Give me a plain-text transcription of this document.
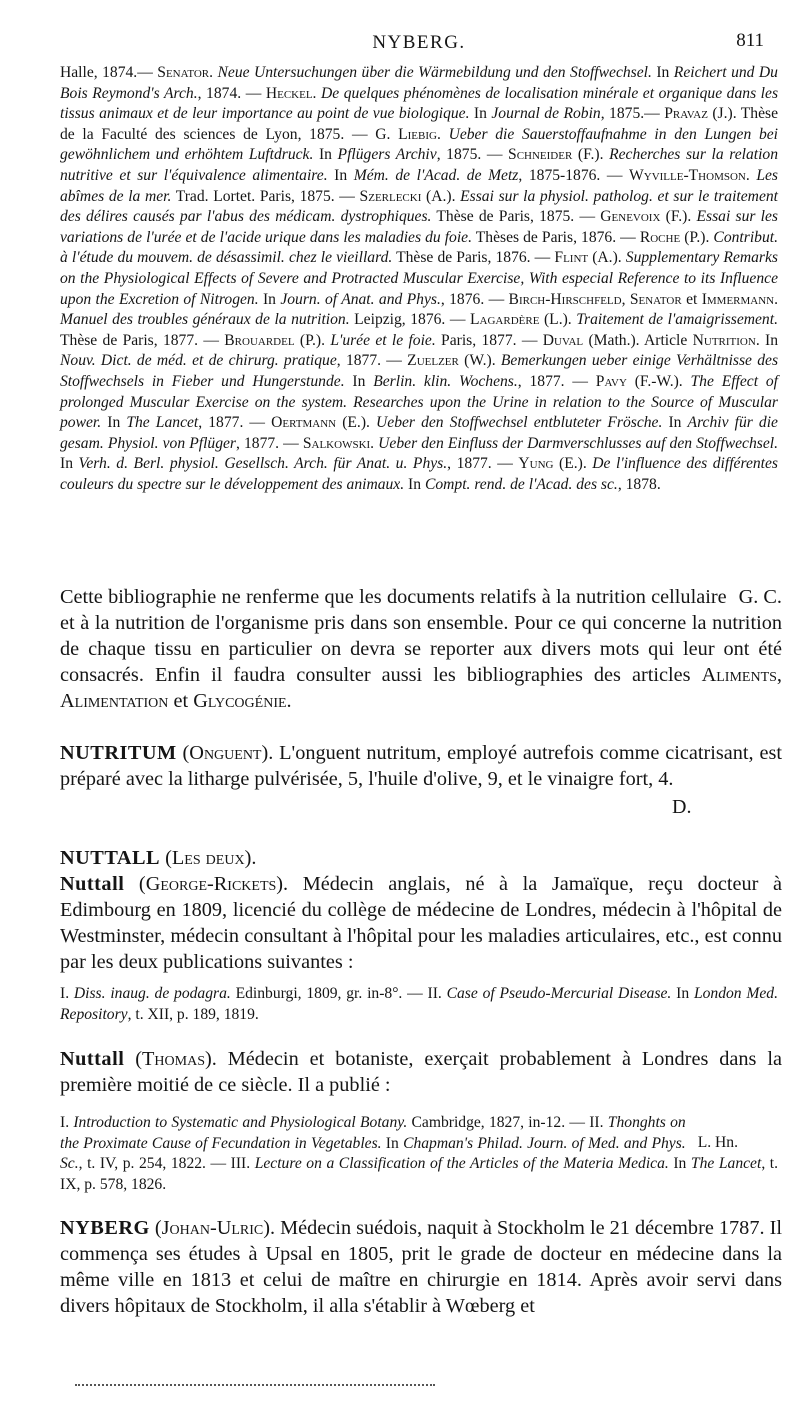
NYBERG.	811
Halle, 1874.— Senator. Neue Untersuchungen über die Wärmebildung und den Stoffwechsel. In Reichert und Du Bois Reymond's Arch., 1874. — Heckel. De quelques phénomènes de localisation minérale et organique dans les tissus animaux et de leur importance au point de vue biologique. In Journal de Robin, 1875.— Pravaz (J.). Thèse de la Faculté des sciences de Lyon, 1875. — G. Liebig. Ueber die Sauerstoffaufnahme in den Lungen bei gewöhnlichem und erhöhtem Luftdruck. In Pflügers Archiv, 1875. — Schneider (F.). Recherches sur la relation nutritive et sur l'équivalence alimentaire. In Mém. de l'Acad. de Metz, 1875-1876. — Wyville-Thomson. Les abîmes de la mer. Trad. Lortet. Paris, 1875. — Szerlecki (A.). Essai sur la physiol. patholog. et sur le traitement des délires causés par l'abus des médicam. dystrophiques. Thèse de Paris, 1875. — Genevoix (F.). Essai sur les variations de l'urée et de l'acide urique dans les maladies du foie. Thèses de Paris, 1876. — Roche (P.). Contribut. à l'étude du mouvem. de désassimil. chez le vieillard. Thèse de Paris, 1876. — Flint (A.). Supplementary Remarks on the Physiological Effects of Severe and Protracted Muscular Exercise, With especial Reference to its Influence upon the Excretion of Nitrogen. In Journ. of Anat. and Phys., 1876. — Birch-Hirschfeld, Senator et Immermann. Manuel des troubles généraux de la nutrition. Leipzig, 1876. — Lagardère (L.). Traitement de l'amaigrissement. Thèse de Paris, 1877. — Brouardel (P.). L'urée et le foie. Paris, 1877. — Duval (Math.). Article Nutrition. In Nouv. Dict. de méd. et de chirurg. pratique, 1877. — Zuelzer (W.). Bemerkungen ueber einige Verhältnisse des Stoffwechsels in Fieber und Hungerstunde. In Berlin. klin. Wochens., 1877. — Pavy (F.-W.). The Effect of prolonged Muscular Exercise on the system. Researches upon the Urine in relation to the Source of Muscular power. In The Lancet, 1877. — Oertmann (E.). Ueber den Stoffwechsel entbluteter Frösche. In Archiv für die gesam. Physiol. von Pflüger, 1877. — Salkowski. Ueber den Einfluss der Darmverschlusses auf den Stoffwechsel. In Verh. d. Berl. physiol. Gesellsch. Arch. für Anat. u. Phys., 1877. — Yung (E.). De l'influence des différentes couleurs du spectre sur le développement des animaux. In Compt. rend. de l'Acad. des sc., 1878.
G. C.
Cette bibliographie ne renferme que les documents relatifs à la nutrition cellulaire et à la nutrition de l'organisme pris dans son ensemble. Pour ce qui concerne la nutrition de chaque tissu en particulier on devra se reporter aux divers mots qui leur ont été consacrés. Enfin il faudra consulter aussi les bibliographies des articles Aliments, Alimentation et Glycogénie.
NUTRITUM (Onguent). L'onguent nutritum, employé autrefois comme cicatrisant, est préparé avec la litharge pulvérisée, 5, l'huile d'olive, 9, et le vinaigre fort, 4.
D.
NUTTALL (Les deux).
Nuttall (George-Rickets). Médecin anglais, né à la Jamaïque, reçu docteur à Edimbourg en 1809, licencié du collège de médecine de Londres, médecin à l'hôpital de Westminster, médecin consultant à l'hôpital pour les maladies articulaires, etc., est connu par les deux publications suivantes :
I. Diss. inaug. de podagra. Edinburgi, 1809, gr. in-8°. — II. Case of Pseudo-Mercurial Disease. In London Med. Repository, t. XII, p. 189, 1819.
Nuttall (Thomas). Médecin et botaniste, exerçait probablement à Londres dans la première moitié de ce siècle. Il a publié :
L. Hn.
I. Introduction to Systematic and Physiological Botany. Cambridge, 1827, in-12. — II. Thonghts on the Proximate Cause of Fecundation in Vegetables. In Chapman's Philad. Journ. of Med. and Phys. Sc., t. IV, p. 254, 1822. — III. Lecture on a Classification of the Articles of the Materia Medica. In The Lancet, t. IX, p. 578, 1826.
NYBERG (Johan-Ulric). Médecin suédois, naquit à Stockholm le 21 décembre 1787. Il commença ses études à Upsal en 1805, prit le grade de docteur en médecine dans la même ville en 1813 et celui de maître en chirurgie en 1814. Après avoir servi dans divers hôpitaux de Stockholm, il alla s'établir à Wœberg et
